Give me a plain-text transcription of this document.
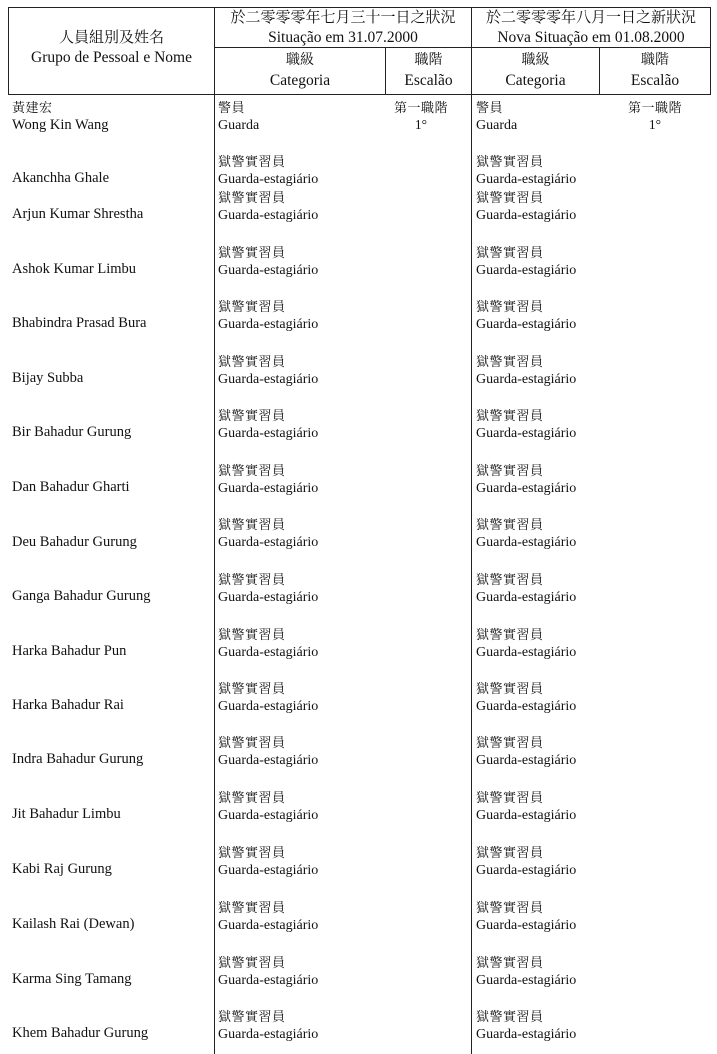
人員組別及姓名
Grupo de Pessoal e Nome
於二零零零年七月三十一日之狀況
Situação em 31.07.2000
於二零零零年八月一日之新狀況
Nova Situação em 01.08.2000
職級
Categoria
職階
Escalão
職級
Categoria
職階
Escalão
黃建宏
Wong Kin Wang
警員
Guarda
第一職階
1°
警員
Guarda
第一職階
1°
Akanchha Ghale
獄警實習員
Guarda-estagiário
獄警實習員
Guarda-estagiário
Arjun Kumar Shrestha
獄警實習員
Guarda-estagiário
獄警實習員
Guarda-estagiário
Ashok Kumar Limbu
獄警實習員
Guarda-estagiário
獄警實習員
Guarda-estagiário
Bhabindra Prasad Bura
獄警實習員
Guarda-estagiário
獄警實習員
Guarda-estagiário
Bijay Subba
獄警實習員
Guarda-estagiário
獄警實習員
Guarda-estagiário
Bir Bahadur Gurung
獄警實習員
Guarda-estagiário
獄警實習員
Guarda-estagiário
Dan Bahadur Gharti
獄警實習員
Guarda-estagiário
獄警實習員
Guarda-estagiário
Deu Bahadur Gurung
獄警實習員
Guarda-estagiário
獄警實習員
Guarda-estagiário
Ganga Bahadur Gurung
獄警實習員
Guarda-estagiário
獄警實習員
Guarda-estagiário
Harka Bahadur Pun
獄警實習員
Guarda-estagiário
獄警實習員
Guarda-estagiário
Harka Bahadur Rai
獄警實習員
Guarda-estagiário
獄警實習員
Guarda-estagiário
Indra Bahadur Gurung
獄警實習員
Guarda-estagiário
獄警實習員
Guarda-estagiário
Jit Bahadur Limbu
獄警實習員
Guarda-estagiário
獄警實習員
Guarda-estagiário
Kabi Raj Gurung
獄警實習員
Guarda-estagiário
獄警實習員
Guarda-estagiário
Kailash Rai (Dewan)
獄警實習員
Guarda-estagiário
獄警實習員
Guarda-estagiário
Karma Sing Tamang
獄警實習員
Guarda-estagiário
獄警實習員
Guarda-estagiário
Khem Bahadur Gurung
獄警實習員
Guarda-estagiário
獄警實習員
Guarda-estagiário
